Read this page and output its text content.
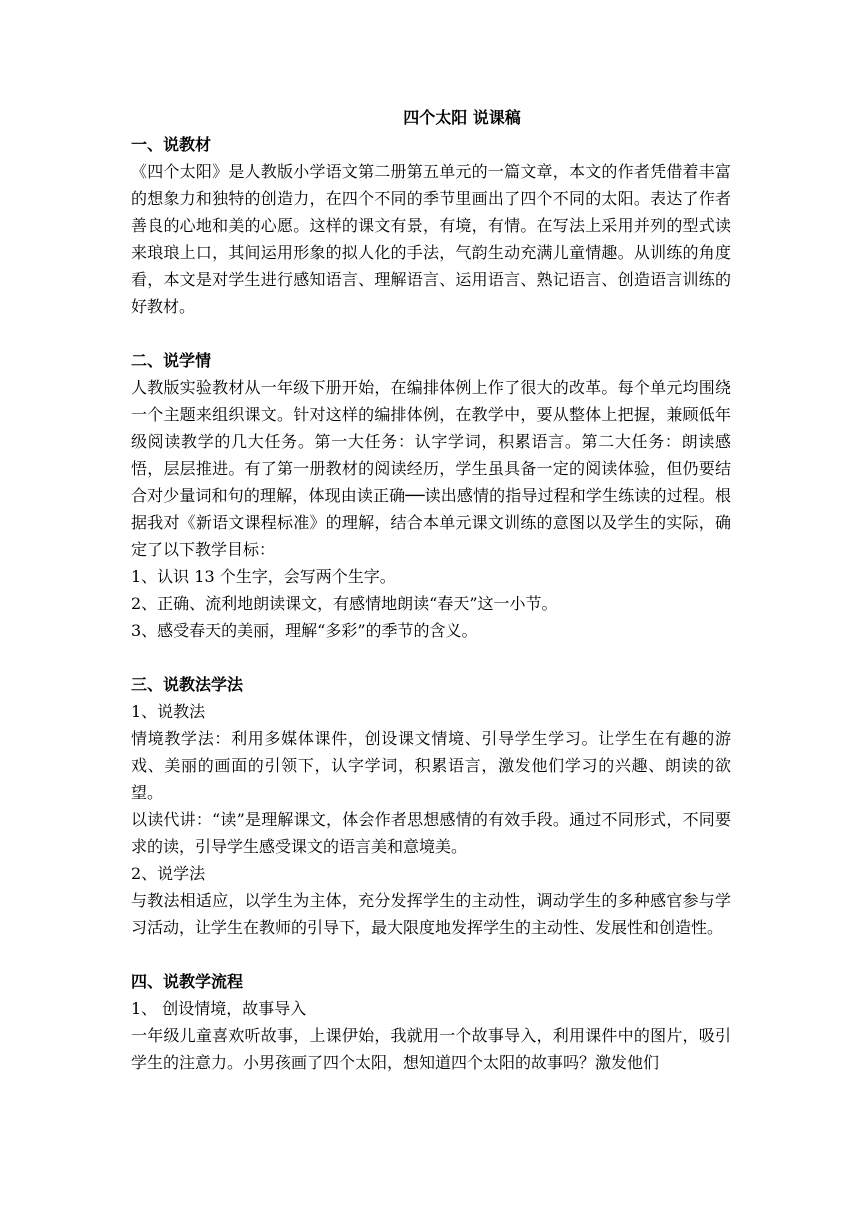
四个太阳 说课稿
一、说教材
《四个太阳》是人教版小学语文第二册第五单元的一篇文章，本文的作者凭借着丰富的想象力和独特的创造力，在四个不同的季节里画出了四个不同的太阳。表达了作者善良的心地和美的心愿。这样的课文有景，有境，有情。在写法上采用并列的型式读来琅琅上口，其间运用形象的拟人化的手法，气韵生动充满儿童情趣。从训练的角度看，本文是对学生进行感知语言、理解语言、运用语言、熟记语言、创造语言训练的好教材。
二、说学情
人教版实验教材从一年级下册开始，在编排体例上作了很大的改革。每个单元均围绕一个主题来组织课文。针对这样的编排体例，在教学中，要从整体上把握，兼顾低年级阅读教学的几大任务。第一大任务：认字学词，积累语言。第二大任务：朗读感悟，层层推进。有了第一册教材的阅读经历，学生虽具备一定的阅读体验，但仍要结合对少量词和句的理解，体现由读正确──读出感情的指导过程和学生练读的过程。根据我对《新语文课程标准》的理解，结合本单元课文训练的意图以及学生的实际，确定了以下教学目标：
1、认识 13 个生字，会写两个生字。
2、正确、流利地朗读课文，有感情地朗读“春天”这一小节。
3、感受春天的美丽，理解“多彩”的季节的含义。
三、说教法学法
1、说教法
情境教学法：利用多媒体课件，创设课文情境、引导学生学习。让学生在有趣的游戏、美丽的画面的引领下，认字学词，积累语言，激发他们学习的兴趣、朗读的欲望。
以读代讲：“读”是理解课文，体会作者思想感情的有效手段。通过不同形式，不同要求的读，引导学生感受课文的语言美和意境美。
2、说学法
与教法相适应，以学生为主体，充分发挥学生的主动性，调动学生的多种感官参与学习活动，让学生在教师的引导下，最大限度地发挥学生的主动性、发展性和创造性。
四、说教学流程
1、 创设情境，故事导入
一年级儿童喜欢听故事，上课伊始，我就用一个故事导入，利用课件中的图片，吸引学生的注意力。小男孩画了四个太阳，想知道四个太阳的故事吗？激发他们
